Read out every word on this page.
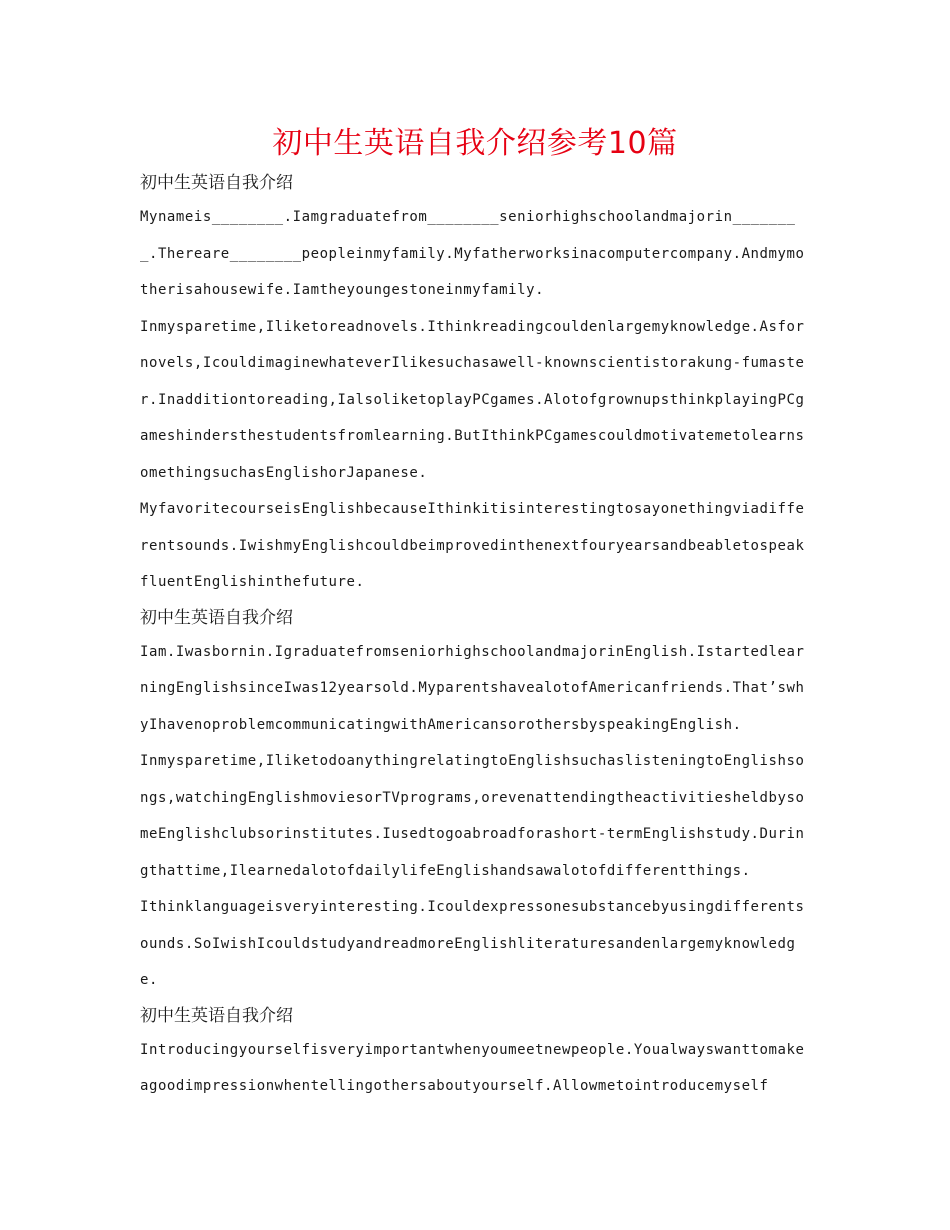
初中生英语自我介绍参考10篇
初中生英语自我介绍

Mynameis________.Iamgraduatefrom________seniorhighschoolandmajorin________.Thereare________peopleinmyfamily.Myfatherworksinacomputercompany.Andmymotherisahousewife.Iamtheyoungestoneinmyfamily.

Inmysparetime,Iliketoreadnovels.Ithinkreadingcouldenlargemyknowledge.Asfornovels,IcouldimaginewhateverIlikesuchasawell-knownscientistorakung-fumaster.Inadditiontoreading,IalsoliketoplayPCgames.AlotofgrownupsthinkplayingPCgameshindersthestudentsfromlearning.ButIthinkPCgamescouldmotivatemetolearnsomethingsuchasEnglishorJapanese.

MyfavoritecourseisEnglishbecauseIthinkitisinterestingtosayonethingviadifferentsounds.IwishmyEnglishcouldbeimprovedinthenextfouryearsandbeabletospeakfluentEnglishinthefuture.

初中生英语自我介绍

Iam.Iwasbornin.IgraduatefromseniorhighschoolandmajorinEnglish.IstartedlearningEnglishsinceIwas12yearsold.MyparentshavealotofAmericanfriends.That’swhyIhavenoproblemcommunicatingwithAmericansorothersbyspeakingEnglish.

Inmysparetime,IliketodoanythingrelatingtoEnglishsuchaslisteningtoEnglishsongs,watchingEnglishmoviesorTVprograms,orevenattendingtheactivitiesheldbysomeEnglishclubsorinstitutes.Iusedtogoabroadforashort-termEnglishstudy.Duringthattime,IlearnedalotofdailylifeEnglishandsawalotofdifferentthings.

Ithinklanguageisveryinteresting.Icouldexpressonesubstancebyusingdifferentsounds.SoIwishIcouldstudyandreadmoreEnglishliteraturesandenlargemyknowledge.

初中生英语自我介绍

Introducingyourselfisveryimportantwhenyoumeetnewpeople.Youalwayswanttomakeagoodimpressionwhentellingothersaboutyourself.Allowmetointroducemyself
